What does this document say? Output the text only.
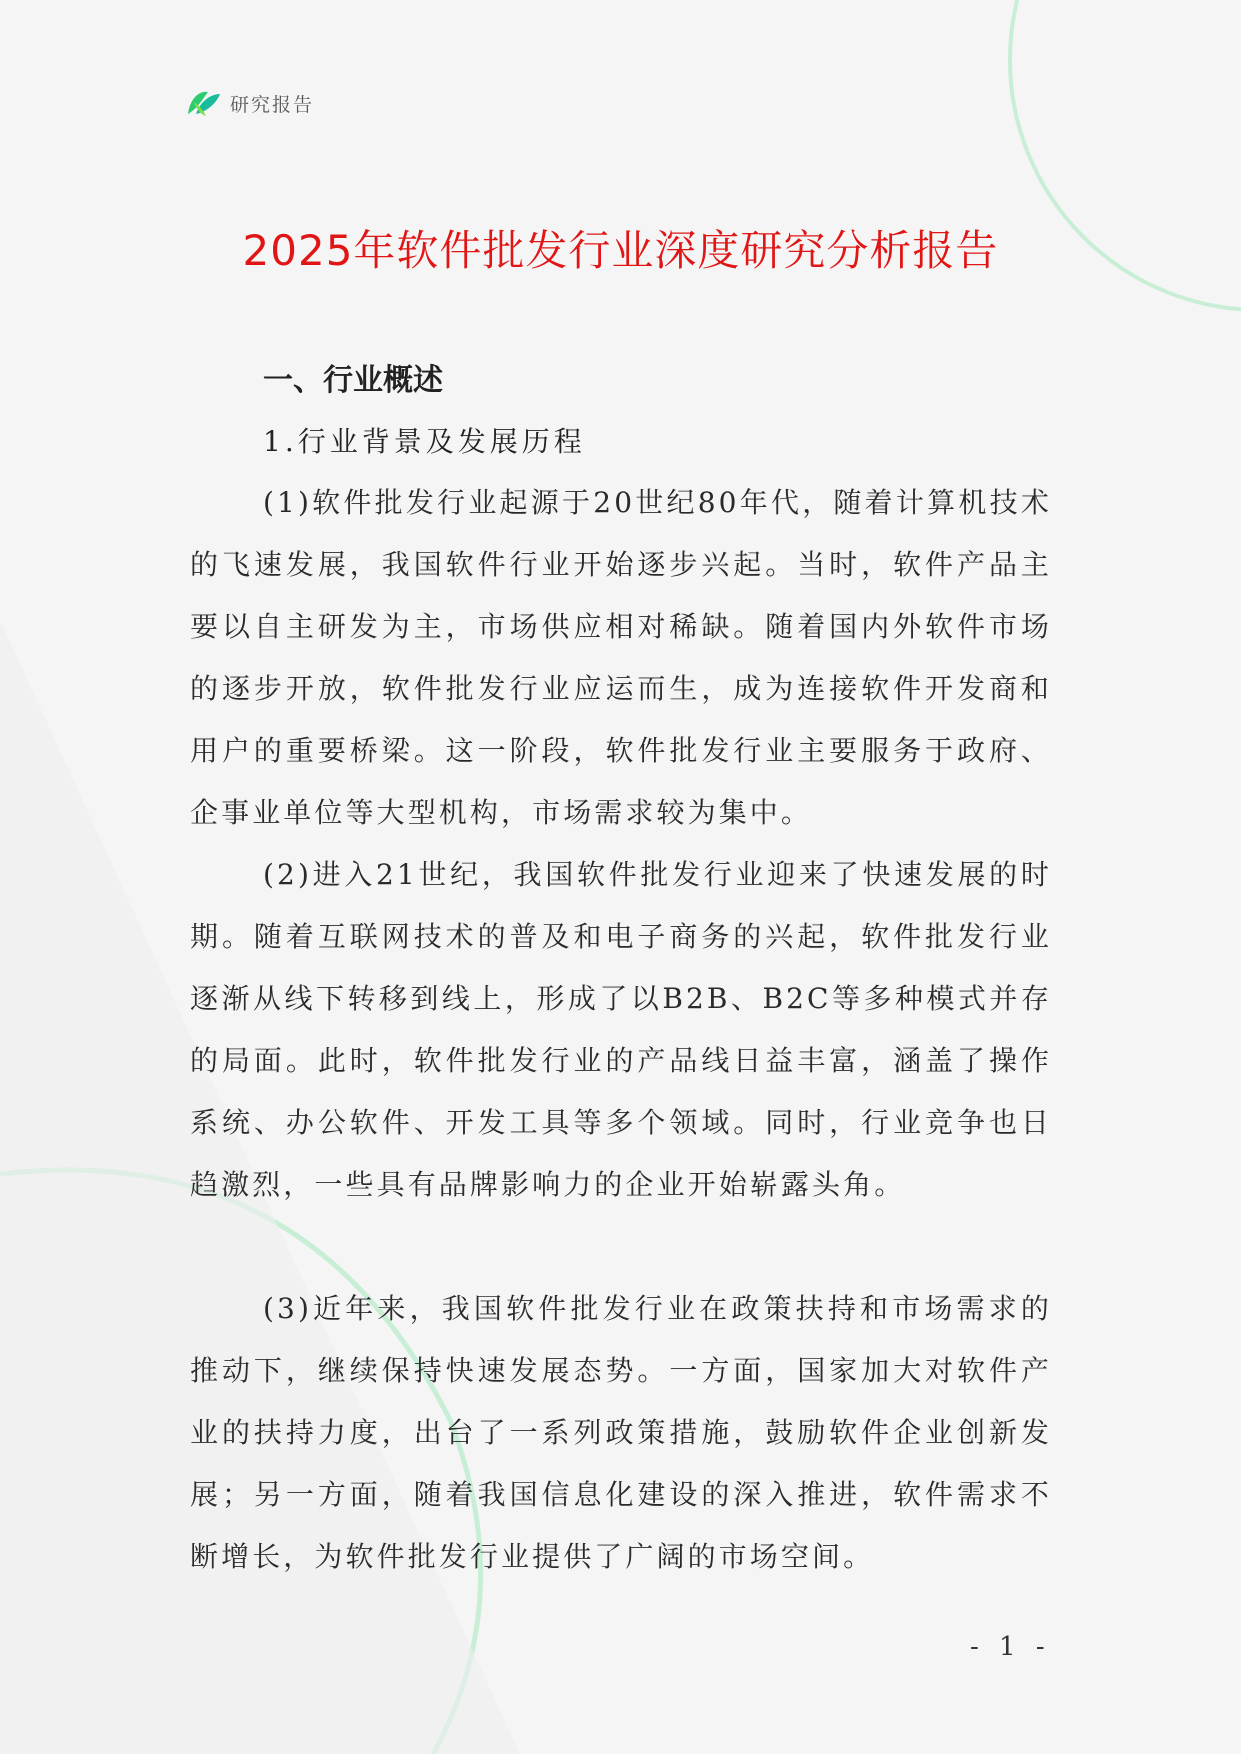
研究报告
2025年软件批发行业深度研究分析报告
一、行业概述
1.行业背景及发展历程

(1)软件批发行业起源于20世纪80年代，随着计算机技术的飞速发展，我国软件行业开始逐步兴起。当时，软件产品主要以自主研发为主，市场供应相对稀缺。随着国内外软件市场的逐步开放，软件批发行业应运而生，成为连接软件开发商和用户的重要桥梁。这一阶段，软件批发行业主要服务于政府、企事业单位等大型机构，市场需求较为集中。

(2)进入21世纪，我国软件批发行业迎来了快速发展的时期。随着互联网技术的普及和电子商务的兴起，软件批发行业逐渐从线下转移到线上，形成了以B2B、B2C等多种模式并存的局面。此时，软件批发行业的产品线日益丰富，涵盖了操作系统、办公软件、开发工具等多个领域。同时，行业竞争也日趋激烈，一些具有品牌影响力的企业开始崭露头角。

(3)近年来，我国软件批发行业在政策扶持和市场需求的推动下，继续保持快速发展态势。一方面，国家加大对软件产业的扶持力度，出台了一系列政策措施，鼓励软件企业创新发展；另一方面，随着我国信息化建设的深入推进，软件需求不断增长，为软件批发行业提供了广阔的市场空间。

- 1 -
